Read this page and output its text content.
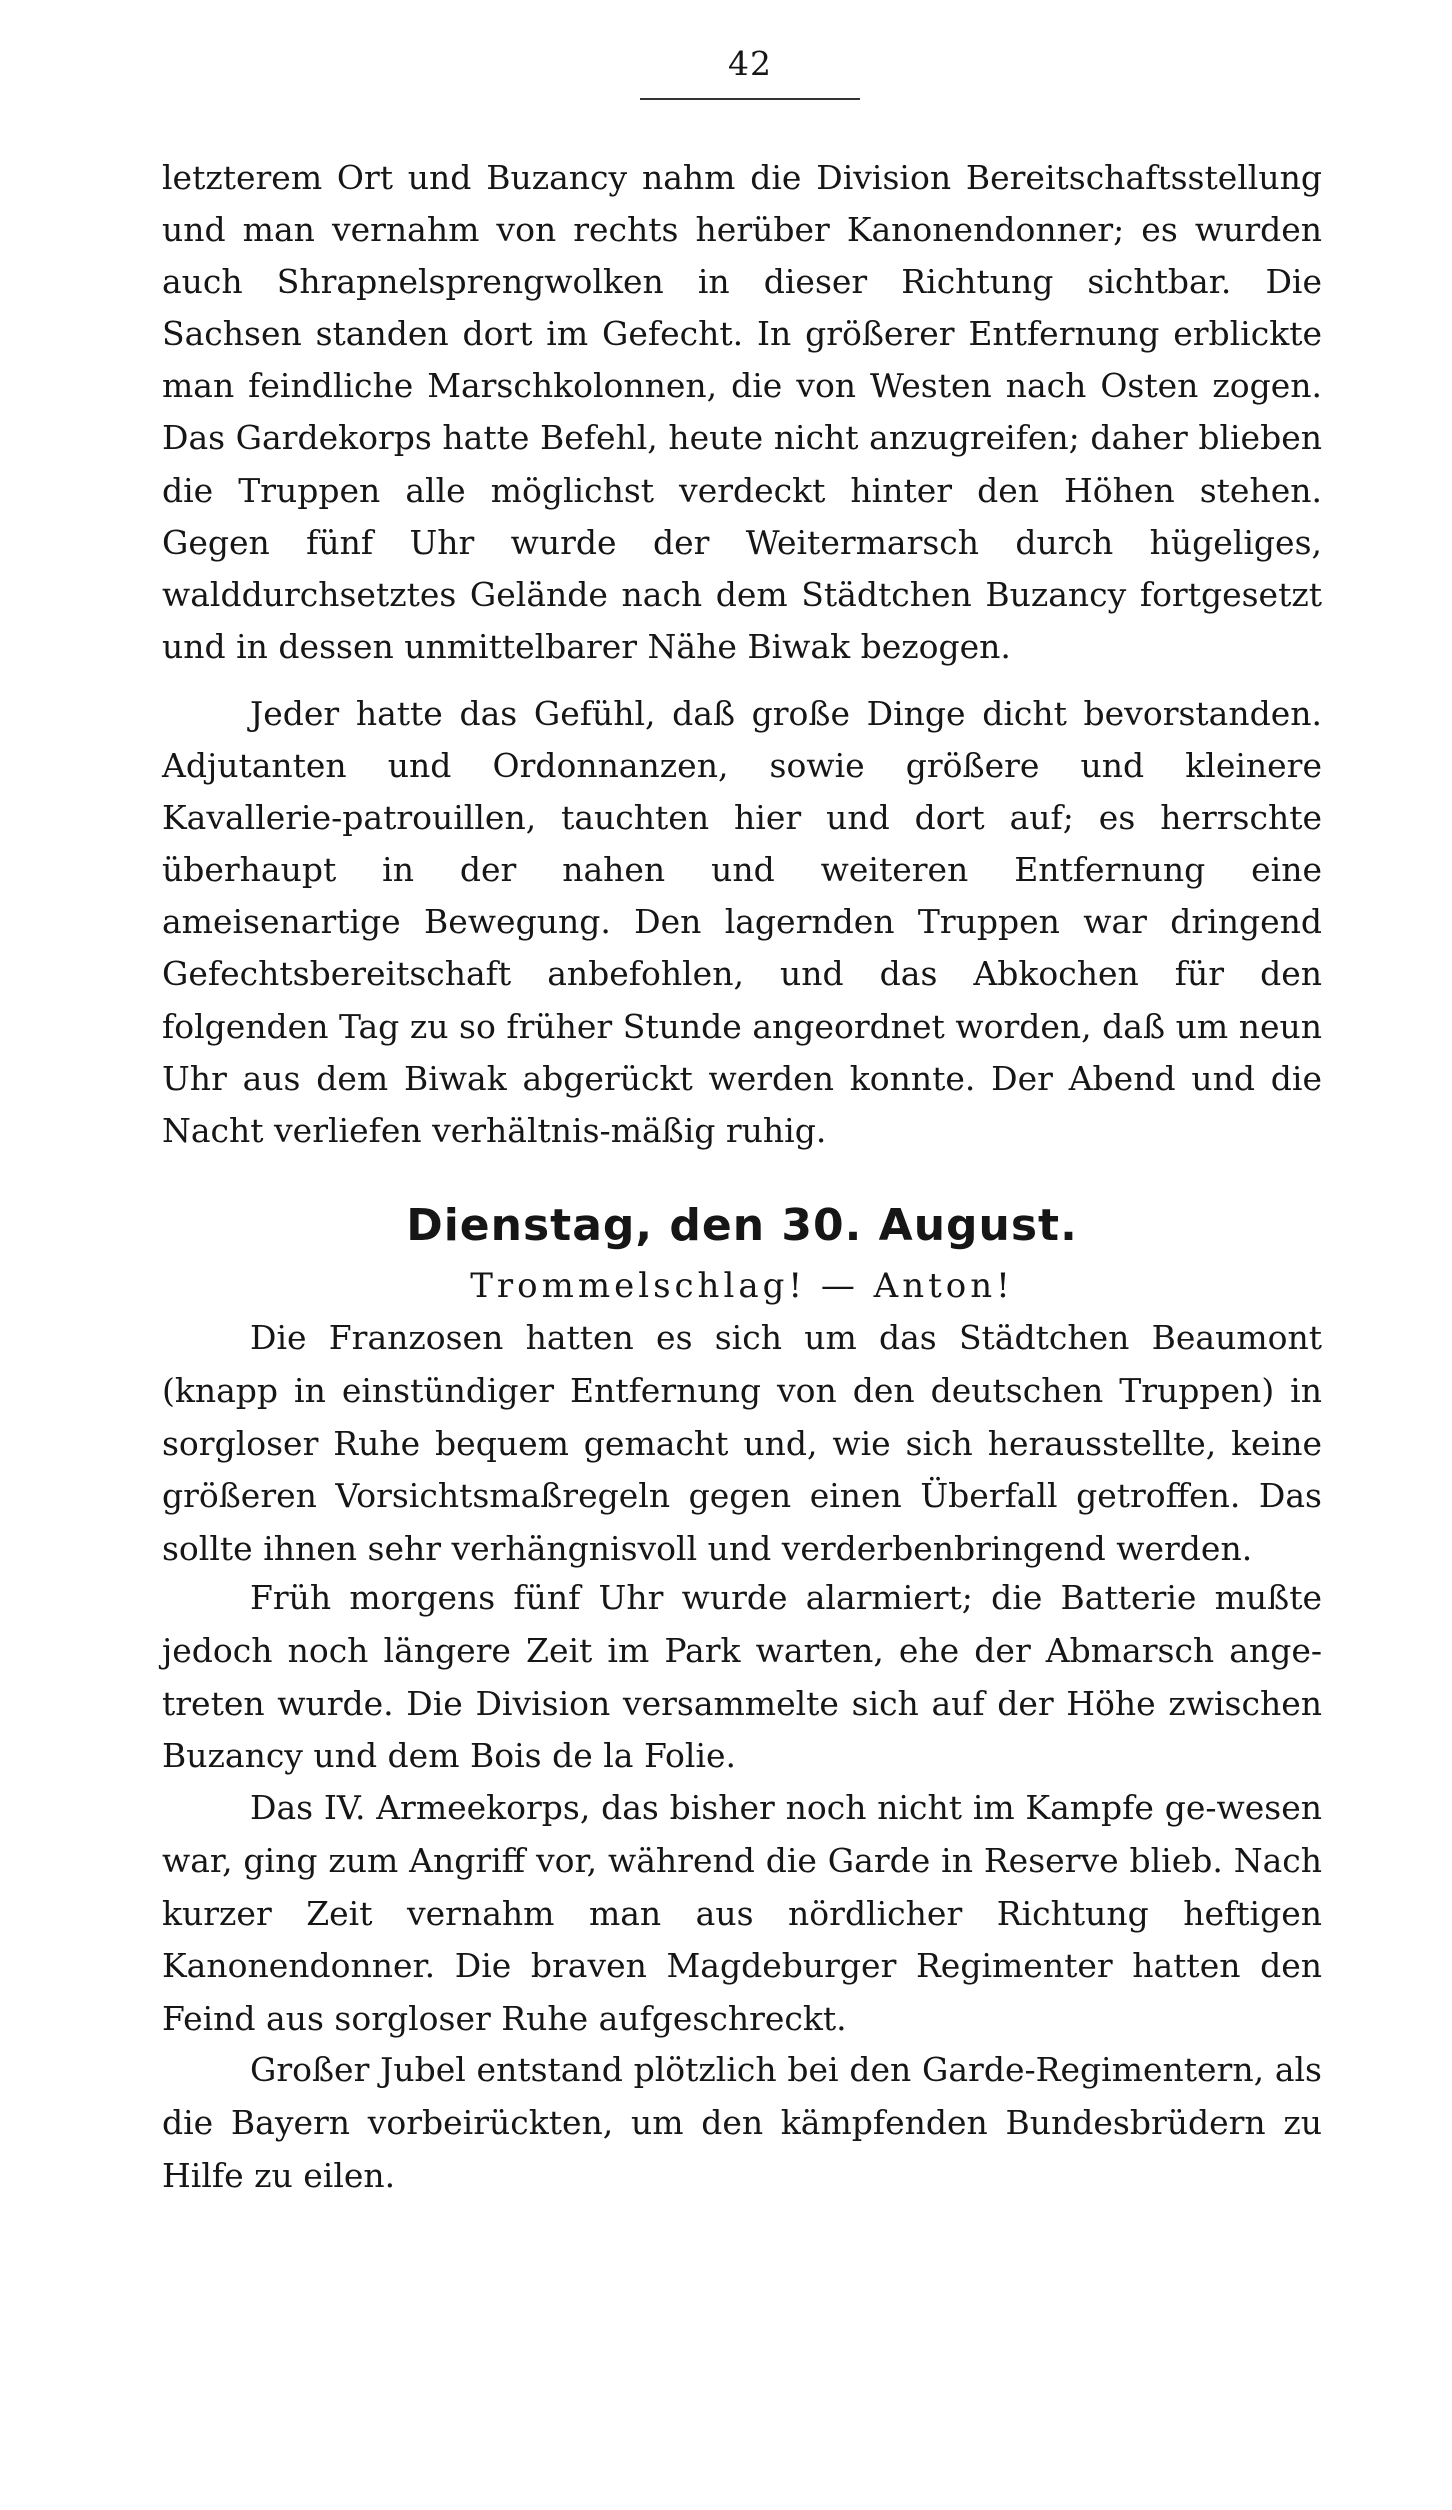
42

letzterem Ort und Buzancy nahm die Division Bereitschaftsstellung und man vernahm von rechts herüber Kanonendonner; es wurden auch Shrapnelsprengwolken in dieser Richtung sichtbar. Die Sachsen standen dort im Gefecht. In größerer Entfernung erblickte man feindliche Marschkolonnen, die von Westen nach Osten zogen. Das Gardekorps hatte Befehl, heute nicht anzugreifen; daher blieben die Truppen alle möglichst verdeckt hinter den Höhen stehen. Gegen fünf Uhr wurde der Weitermarsch durch hügeliges, walddurchsetztes Gelände nach dem Städtchen Buzancy fortgesetzt und in dessen unmittelbarer Nähe Biwak bezogen.

Jeder hatte das Gefühl, daß große Dinge dicht bevorstanden. Adjutanten und Ordonnanzen, sowie größere und kleinere Kavallerie-patrouillen, tauchten hier und dort auf; es herrschte überhaupt in der nahen und weiteren Entfernung eine ameisenartige Bewegung. Den lagernden Truppen war dringend Gefechtsbereitschaft anbefohlen, und das Abkochen für den folgenden Tag zu so früher Stunde angeordnet worden, daß um neun Uhr aus dem Biwak abgerückt werden konnte. Der Abend und die Nacht verliefen verhältnis-mäßig ruhig.

Dienstag, den 30. August.
Trommelschlag! — Anton!

Die Franzosen hatten es sich um das Städtchen Beaumont (knapp in einstündiger Entfernung von den deutschen Truppen) in sorgloser Ruhe bequem gemacht und, wie sich herausstellte, keine größeren Vorsichtsmaßregeln gegen einen Überfall getroffen. Das sollte ihnen sehr verhängnisvoll und verderbenbringend werden.

Früh morgens fünf Uhr wurde alarmiert; die Batterie mußte jedoch noch längere Zeit im Park warten, ehe der Abmarsch ange-treten wurde. Die Division versammelte sich auf der Höhe zwischen Buzancy und dem Bois de la Folie.

Das IV. Armeekorps, das bisher noch nicht im Kampfe ge-wesen war, ging zum Angriff vor, während die Garde in Reserve blieb. Nach kurzer Zeit vernahm man aus nördlicher Richtung heftigen Kanonendonner. Die braven Magdeburger Regimenter hatten den Feind aus sorgloser Ruhe aufgeschreckt.

Großer Jubel entstand plötzlich bei den Garde-Regimentern, als die Bayern vorbeirückten, um den kämpfenden Bundesbrüdern zu Hilfe zu eilen.
